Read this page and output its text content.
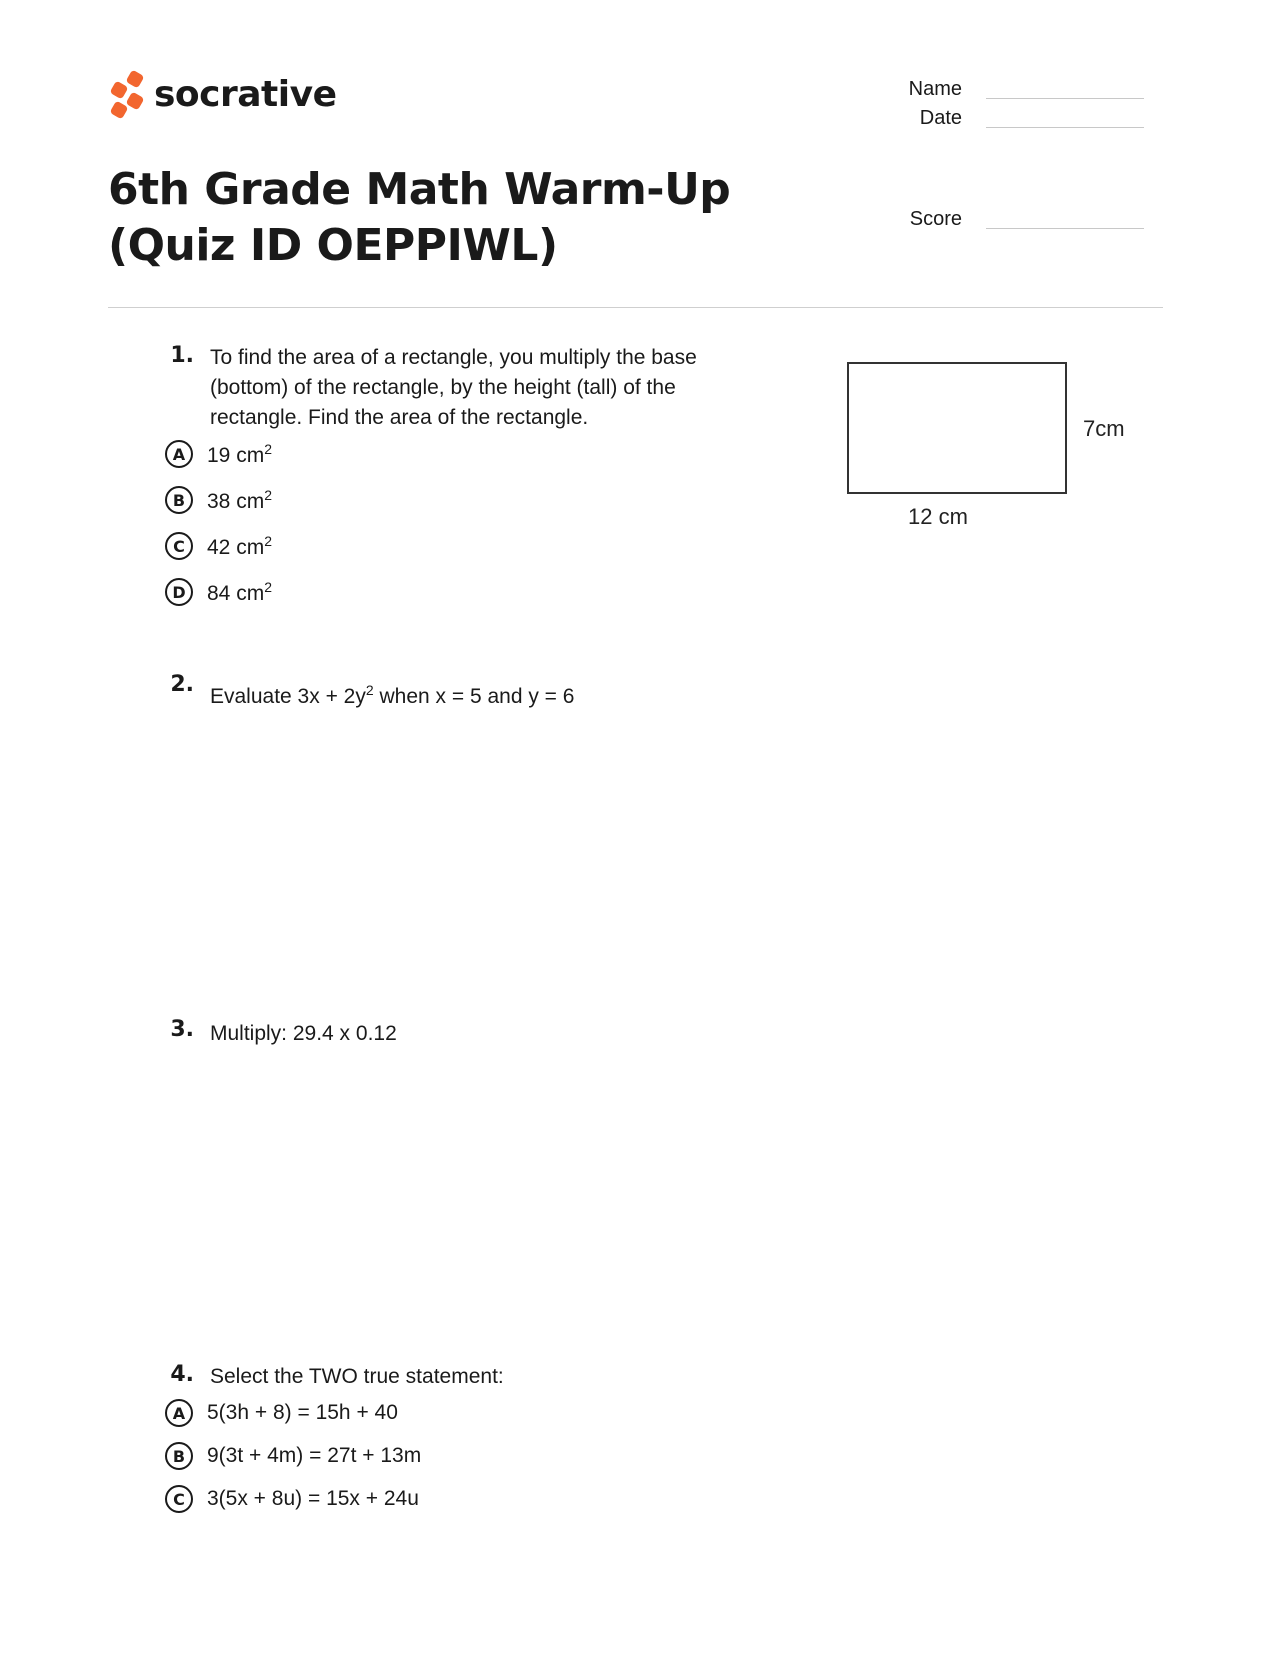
socrative
6th Grade Math Warm-Up (Quiz ID OEPPIWL)
Name
Date
Score
1. To find the area of a rectangle, you multiply the base (bottom) of the rectangle, by the height (tall) of the rectangle. Find the area of the rectangle.
A	19 $cm^2$
B	38 $cm^2$
C	42 $cm^2$
D	84 $cm^2$
7cm
12 cm
2. Evaluate $3x + 2y^2$ when x = 5 and y = 6
3. Multiply: 29.4 x 0.12
4. Select the TWO true statement:
A	5(3h + 8) = 15h + 40
B	9(3t + 4m) = 27t + 13m
C	3(5x + 8u) = 15x + 24u
